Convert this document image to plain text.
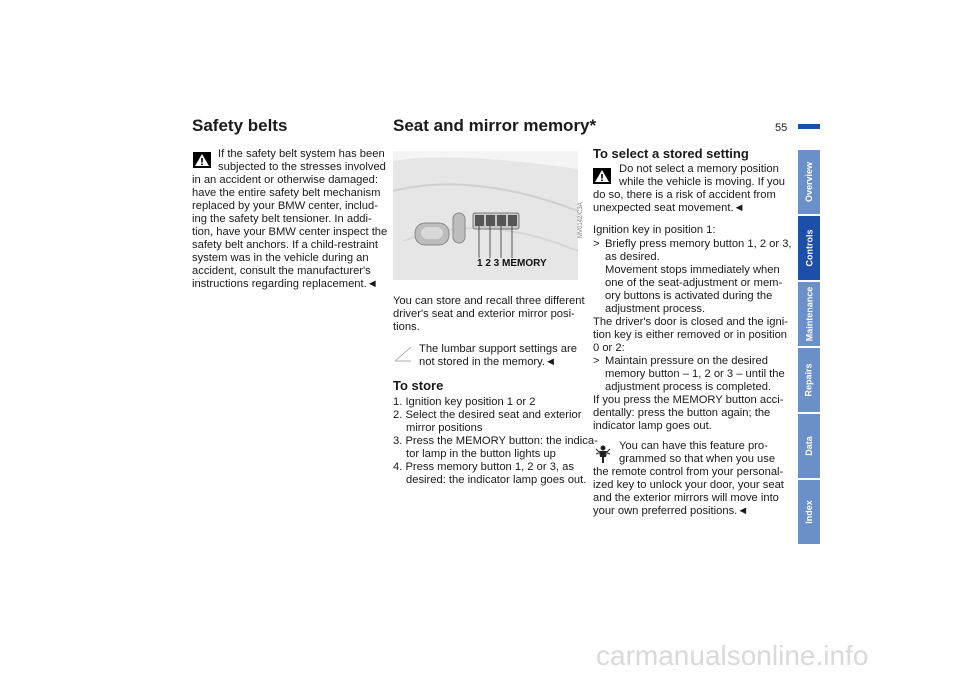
Safety belts	Seat and mirror memory*	55
If the safety belt system has been
subjected to the stresses involved
in an accident or otherwise damaged:
have the entire safety belt mechanism
replaced by your BMW center, includ-
ing the safety belt tensioner. In addi-
tion, have your BMW center inspect the
safety belt anchors. If a child-restraint
system was in the vehicle during an
accident, consult the manufacturer's
instructions regarding replacement.◄
1 2 3 MEMORY
MV0142/C3A
You can store and recall three different
driver's seat and exterior mirror posi-
tions.
The lumbar support settings are
not stored in the memory.◄
To store
1. Ignition key position 1 or 2
2. Select the desired seat and exterior
mirror positions
3. Press the MEMORY button: the indica-
tor lamp in the button lights up
4. Press memory button 1, 2 or 3, as
desired: the indicator lamp goes out.
To select a stored setting
Do not select a memory position
while the vehicle is moving. If you
do so, there is a risk of accident from
unexpected seat movement.◄
Ignition key in position 1:
> Briefly press memory button 1, 2 or 3,
as desired.
Movement stops immediately when
one of the seat-adjustment or mem-
ory buttons is activated during the
adjustment process.
The driver's door is closed and the igni-
tion key is either removed or in position
0 or 2:
> Maintain pressure on the desired
memory button – 1, 2 or 3 – until the
adjustment process is completed.
If you press the MEMORY button acci-
dentally: press the button again; the
indicator lamp goes out.
You can have this feature pro-
grammed so that when you use
the remote control from your personal-
ized key to unlock your door, your seat
and the exterior mirrors will move into
your own preferred positions.◄
Overview
Controls
Maintenance
Repairs
Data
Index
carmanualsonline.info
